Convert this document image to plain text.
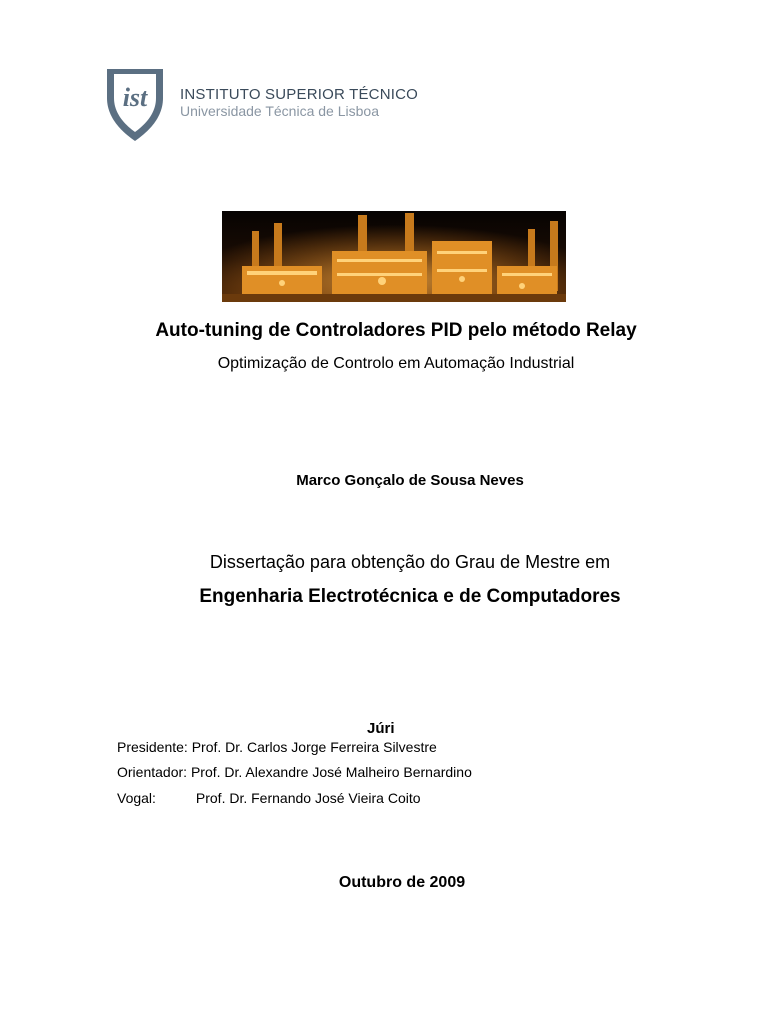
ist INSTITUTO SUPERIOR TÉCNICO
Universidade Técnica de Lisboa
Auto-tuning de Controladores PID pelo método Relay
Optimização de Controlo em Automação Industrial
Marco Gonçalo de Sousa Neves
Dissertação para obtenção do Grau de Mestre em
Engenharia Electrotécnica e de Computadores
Júri
Presidente: Prof. Dr. Carlos Jorge Ferreira Silvestre
Orientador: Prof. Dr. Alexandre José Malheiro Bernardino
Vogal:	Prof. Dr. Fernando José Vieira Coito
Outubro de 2009
